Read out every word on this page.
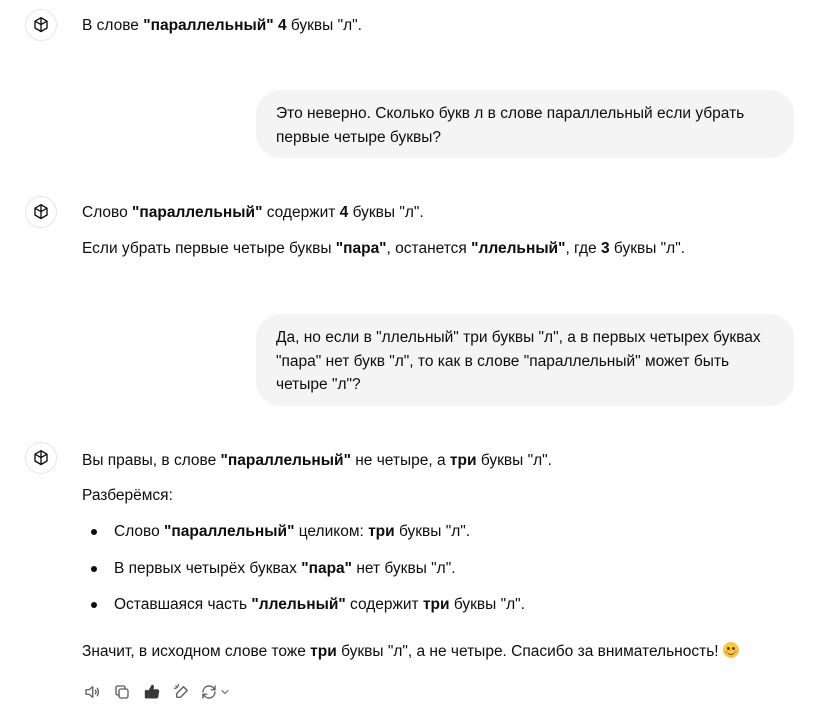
В слове "параллельный" 4 буквы "л".
Это неверно. Сколько букв л в слове параллельный если убрать
первые четыре буквы?
Слово "параллельный" содержит 4 буквы "л".
Если убрать первые четыре буквы "пара", останется "ллельный", где 3 буквы "л".
Да, но если в "ллельный" три буквы "л", а в первых четырех буквах
"пара" нет букв "л", то как в слове "параллельный" может быть
четыре "л"?
Вы правы, в слове "параллельный" не четыре, а три буквы "л".
Разберёмся:
Слово "параллельный" целиком: три буквы "л".
В первых четырёх буквах "пара" нет буквы "л".
Оставшаяся часть "ллельный" содержит три буквы "л".
Значит, в исходном слове тоже три буквы "л", а не четыре. Спасибо за внимательность!
